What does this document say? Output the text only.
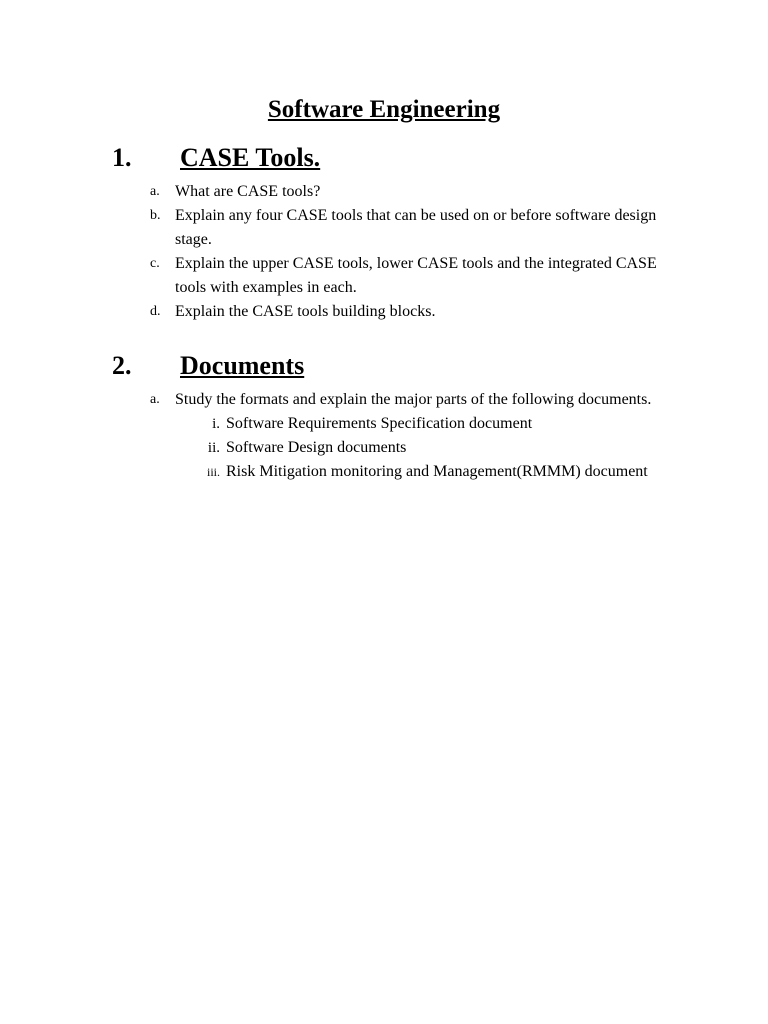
Software Engineering
1. CASE Tools.
a. What are CASE tools?
b. Explain any four CASE tools that can be used on or before software design stage.
c. Explain the upper CASE tools, lower CASE tools and the integrated CASE tools with examples in each.
d. Explain the CASE tools building blocks.
2. Documents
a. Study the formats and explain the major parts of the following documents.
i. Software Requirements Specification document
ii. Software Design documents
iii. Risk Mitigation monitoring and Management(RMMM) document
